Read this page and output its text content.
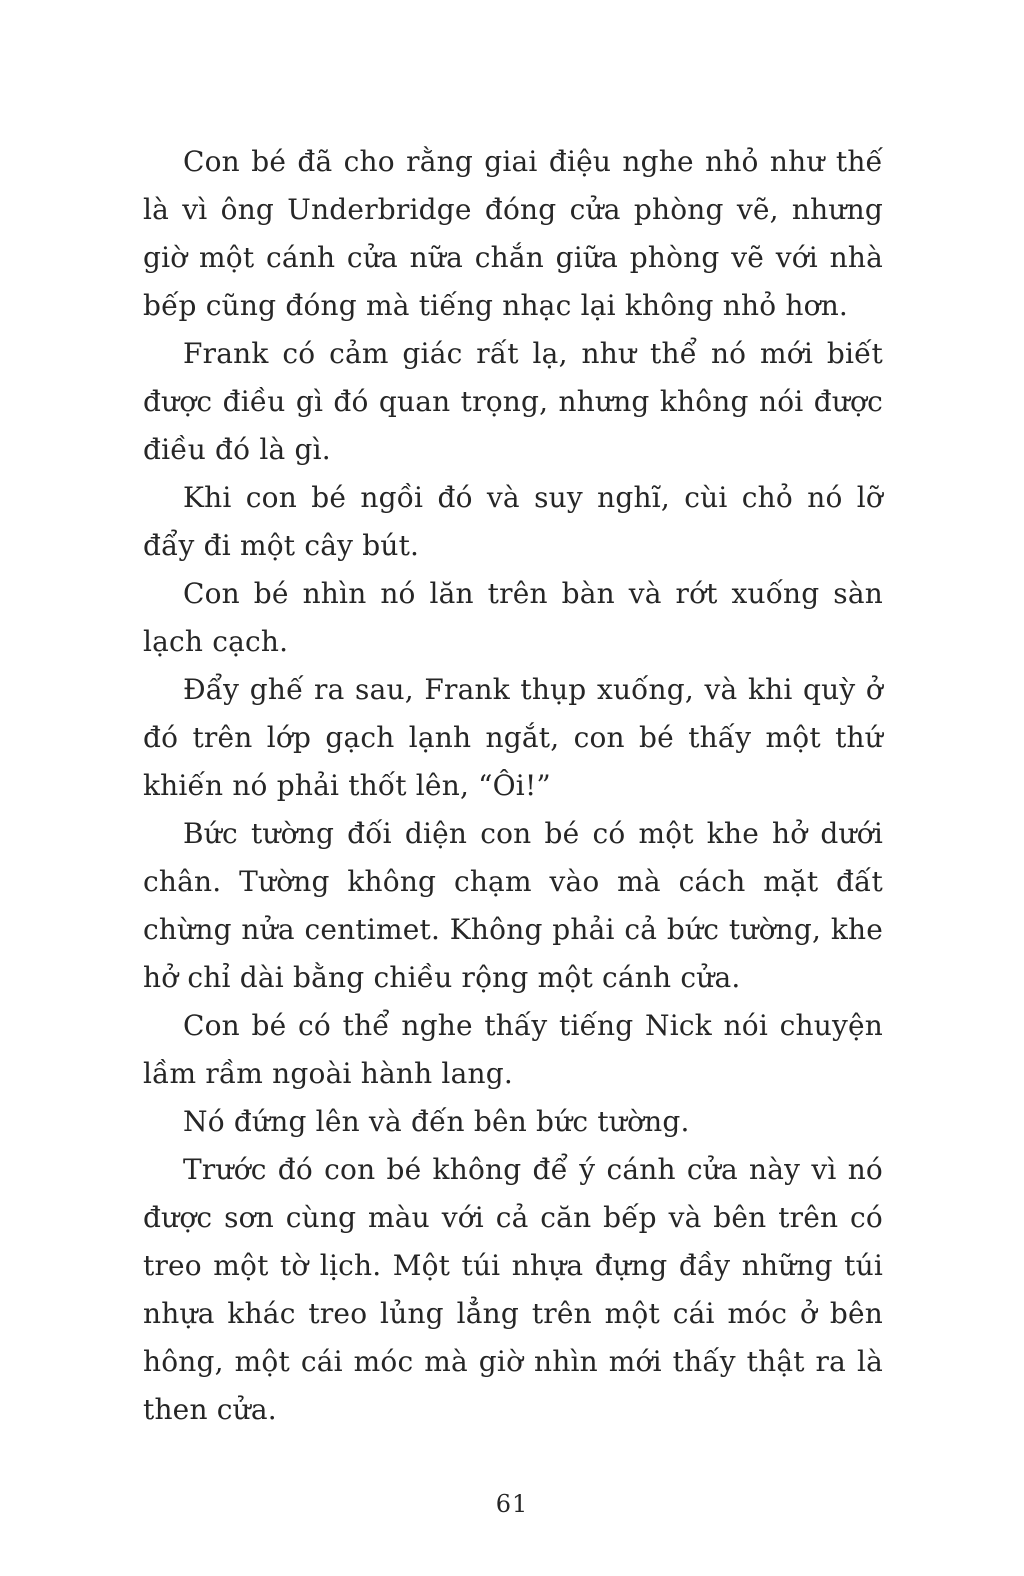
Con bé đã cho rằng giai điệu nghe nhỏ như thế là vì ông Underbridge đóng cửa phòng vẽ, nhưng giờ một cánh cửa nữa chắn giữa phòng vẽ với nhà bếp cũng đóng mà tiếng nhạc lại không nhỏ hơn.

Frank có cảm giác rất lạ, như thể nó mới biết được điều gì đó quan trọng, nhưng không nói được điều đó là gì.

Khi con bé ngồi đó và suy nghĩ, cùi chỏ nó lỡ đẩy đi một cây bút.

Con bé nhìn nó lăn trên bàn và rớt xuống sàn lạch cạch.

Đẩy ghế ra sau, Frank thụp xuống, và khi quỳ ở đó trên lớp gạch lạnh ngắt, con bé thấy một thứ khiến nó phải thốt lên, “Ôi!”

Bức tường đối diện con bé có một khe hở dưới chân. Tường không chạm vào mà cách mặt đất chừng nửa centimet. Không phải cả bức tường, khe hở chỉ dài bằng chiều rộng một cánh cửa.

Con bé có thể nghe thấy tiếng Nick nói chuyện lầm rầm ngoài hành lang.

Nó đứng lên và đến bên bức tường.

Trước đó con bé không để ý cánh cửa này vì nó được sơn cùng màu với cả căn bếp và bên trên có treo một tờ lịch. Một túi nhựa đựng đầy những túi nhựa khác treo lủng lẳng trên một cái móc ở bên hông, một cái móc mà giờ nhìn mới thấy thật ra là then cửa.

61
